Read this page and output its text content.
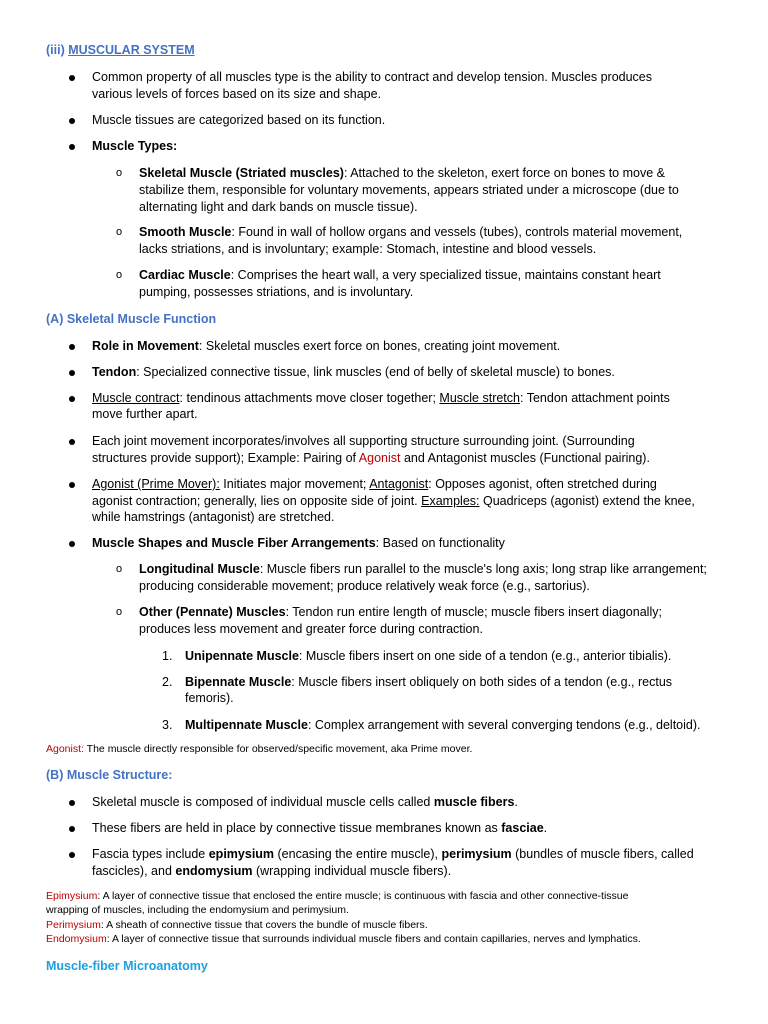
(iii) MUSCULAR SYSTEM

Common property of all muscles type is the ability to contract and develop tension. Muscles produces

various levels of forces based on its size and shape.

Muscle tissues are categorized based on its function.

Muscle Types:

o Skeletal Muscle (Striated muscles): Attached to the skeleton, exert force on bones to move &

stabilize them, responsible for voluntary movements, appears striated under a microscope (due to

alternating light and dark bands on muscle tissue).

o Smooth Muscle: Found in wall of hollow organs and vessels (tubes), controls material movement,

lacks striations, and is involuntary; example: Stomach, intestine and blood vessels.

o Cardiac Muscle: Comprises the heart wall, a very specialized tissue, maintains constant heart

pumping, possesses striations, and is involuntary.

(A) Skeletal Muscle Function

Role in Movement: Skeletal muscles exert force on bones, creating joint movement.

Tendon: Specialized connective tissue, link muscles (end of belly of skeletal muscle) to bones.

Muscle contract: tendinous attachments move closer together; Muscle stretch: Tendon attachment points

move further apart.

Each joint movement incorporates/involves all supporting structure surrounding joint. (Surrounding

structures provide support); Example: Pairing of Agonist and Antagonist muscles (Functional pairing).

Agonist (Prime Mover): Initiates major movement; Antagonist: Opposes agonist, often stretched during

agonist contraction; generally, lies on opposite side of joint. Examples: Quadriceps (agonist) extend the knee,

while hamstrings (antagonist) are stretched.

Muscle Shapes and Muscle Fiber Arrangements: Based on functionality

o Longitudinal Muscle: Muscle fibers run parallel to the muscle's long axis; long strap like arrangement;

producing considerable movement; produce relatively weak force (e.g., sartorius).

o Other (Pennate) Muscles: Tendon run entire length of muscle; muscle fibers insert diagonally;

produces less movement and greater force during contraction.

1. Unipennate Muscle: Muscle fibers insert on one side of a tendon (e.g., anterior tibialis).

2. Bipennate Muscle: Muscle fibers insert obliquely on both sides of a tendon (e.g., rectus

femoris).

3. Multipennate Muscle: Complex arrangement with several converging tendons (e.g., deltoid).

Agonist: The muscle directly responsible for observed/specific movement, aka Prime mover.

(B) Muscle Structure:

Skeletal muscle is composed of individual muscle cells called muscle fibers.

These fibers are held in place by connective tissue membranes known as fasciae.

Fascia types include epimysium (encasing the entire muscle), perimysium (bundles of muscle fibers, called

fascicles), and endomysium (wrapping individual muscle fibers).

Epimysium: A layer of connective tissue that enclosed the entire muscle; is continuous with fascia and other connective-tissue

wrapping of muscles, including the endomysium and perimysium.

Perimysium: A sheath of connective tissue that covers the bundle of muscle fibers.

Endomysium: A layer of connective tissue that surrounds individual muscle fibers and contain capillaries, nerves and lymphatics.

Muscle-fiber Microanatomy
